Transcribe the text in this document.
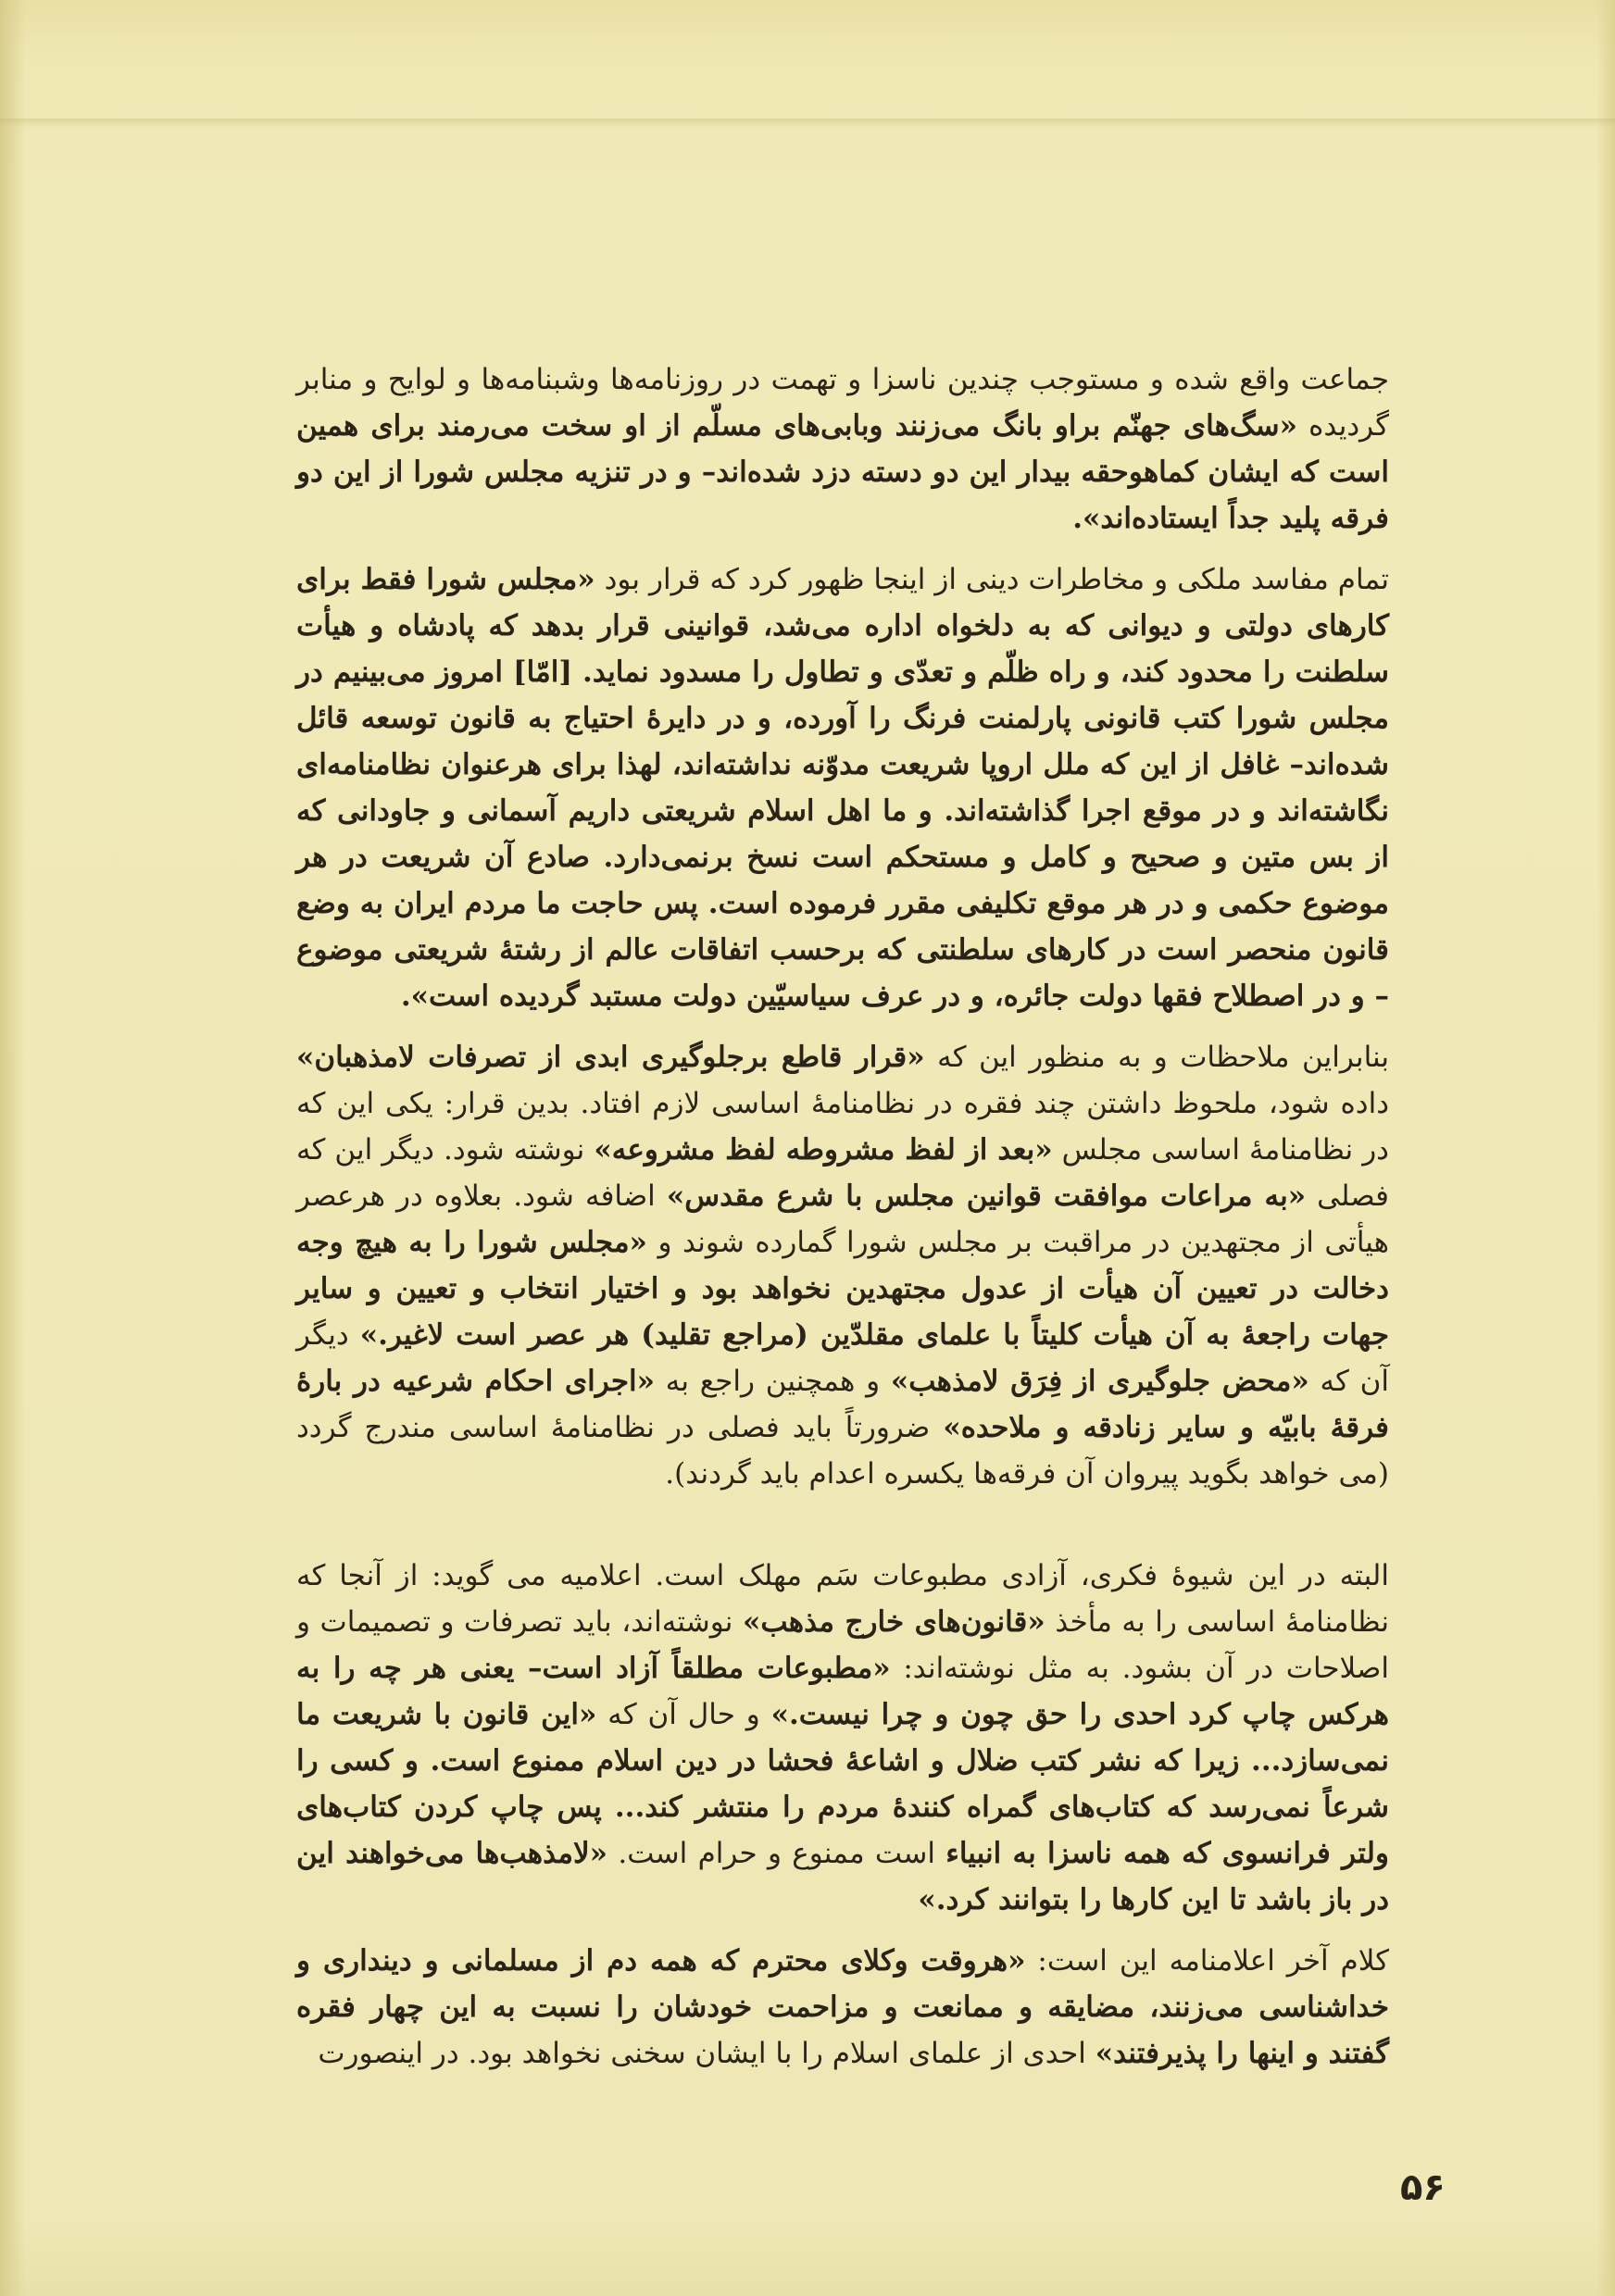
جماعت واقع شده و مستوجب چندین ناسزا و تهمت در روزنامه‌ها وشبنامه‌ها و لوایح و منابر گردیده «سگ‌های جهنّم براو بانگ می‌زنند وبابی‌های مسلّم از او سخت می‌رمند برای همین است که ایشان کماهوحقه بیدار این دو دسته دزد شده‌اند– و در تنزیه مجلس شورا از این دو فرقه پلید جداً ایستاده‌اند».

تمام مفاسد ملکی و مخاطرات دینی از اینجا ظهور کرد که قرار بود «مجلس شورا فقط برای کارهای دولتی و دیوانی که به دلخواه اداره می‌شد، قوانینی قرار بدهد که پادشاه و هیأت سلطنت را محدود کند، و راه ظلّم و تعدّی و تطاول را مسدود نماید. [امّا] امروز می‌بینیم در مجلس شورا کتب قانونی پارلمنت فرنگ را آورده، و در دایرهٔ احتیاج به قانون توسعه قائل شده‌اند– غافل از این که ملل اروپا شریعت مدوّنه نداشته‌اند، لهذا برای هرعنوان نظامنامه‌ای نگاشته‌اند و در موقع اجرا گذاشته‌اند. و ما اهل اسلام شریعتی داریم آسمانی و جاودانی که از بس متین و صحیح و کامل و مستحکم است نسخ برنمی‌دارد. صادع آن شریعت در هر موضوع حکمی و در هر موقع تکلیفی مقرر فرموده است. پس حاجت ما مردم ایران به وضع قانون منحصر است در کارهای سلطنتی که برحسب اتفاقات عالم از رشتهٔ شریعتی موضوع – و در اصطلاح فقها دولت جائره، و در عرف سیاسیّین دولت مستبد گردیده است».

بنابراین ملاحظات و به منظور این که «قرار قاطع برجلوگیری ابدی از تصرفات لامذهبان» داده شود، ملحوظ داشتن چند فقره در نظامنامهٔ اساسی لازم افتاد. بدین قرار: یکی این که در نظامنامهٔ اساسی مجلس «بعد از لفظ مشروطه لفظ مشروعه» نوشته شود. دیگر این که فصلی «به مراعات موافقت قوانین مجلس با شرع مقدس» اضافه شود. بعلاوه در هرعصر هیأتی از مجتهدین در مراقبت بر مجلس شورا گمارده شوند و «مجلس شورا را به هیچ وجه دخالت در تعیین آن هیأت از عدول مجتهدین نخواهد بود و اختیار انتخاب و تعیین و سایر جهات راجعهٔ به آن هیأت کلیتاً با علمای مقلدّین (مراجع تقلید) هر عصر است لاغیر.» دیگر آن که «محض جلوگیری از فِرَق لامذهب» و همچنین راجع به «اجرای احکام شرعیه در بارهٔ فرقهٔ بابیّه و سایر زنادقه و ملاحده» ضرورتاً باید فصلی در نظامنامهٔ اساسی مندرج گردد (می خواهد بگوید پیروان آن فرقه‌ها یکسره اعدام باید گردند).

البته در این شیوهٔ فکری، آزادی مطبوعات سَم مهلک است. اعلامیه می گوید: از آنجا که نظامنامهٔ اساسی را به مأخذ «قانون‌های خارج مذهب» نوشته‌اند، باید تصرفات و تصمیمات و اصلاحات در آن بشود. به مثل نوشته‌اند: «مطبوعات مطلقاً آزاد است– یعنی هر چه را به هرکس چاپ کرد احدی را حق چون و چرا نیست.» و حال آن که «این قانون با شریعت ما نمی‌سازد... زیرا که نشر کتب ضلال و اشاعهٔ فحشا در دین اسلام ممنوع است. و کسی را شرعاً نمی‌رسد که کتاب‌های گمراه کنندهٔ مردم را منتشر کند... پس چاپ کردن کتاب‌های ولتر فرانسوی که همه ناسزا به انبیاء است ممنوع و حرام است. «لامذهب‌ها می‌خواهند این در باز باشد تا این کارها را بتوانند کرد.»

کلام آخر اعلامنامه این است: «هروقت وکلای محترم که همه دم از مسلمانی و دینداری و خداشناسی می‌زنند، مضایقه و ممانعت و مزاحمت خودشان را نسبت به این چهار فقره گفتند و اینها را پذیرفتند» احدی از علمای اسلام را با ایشان سخنی نخواهد بود. در اینصورت

۵۶
